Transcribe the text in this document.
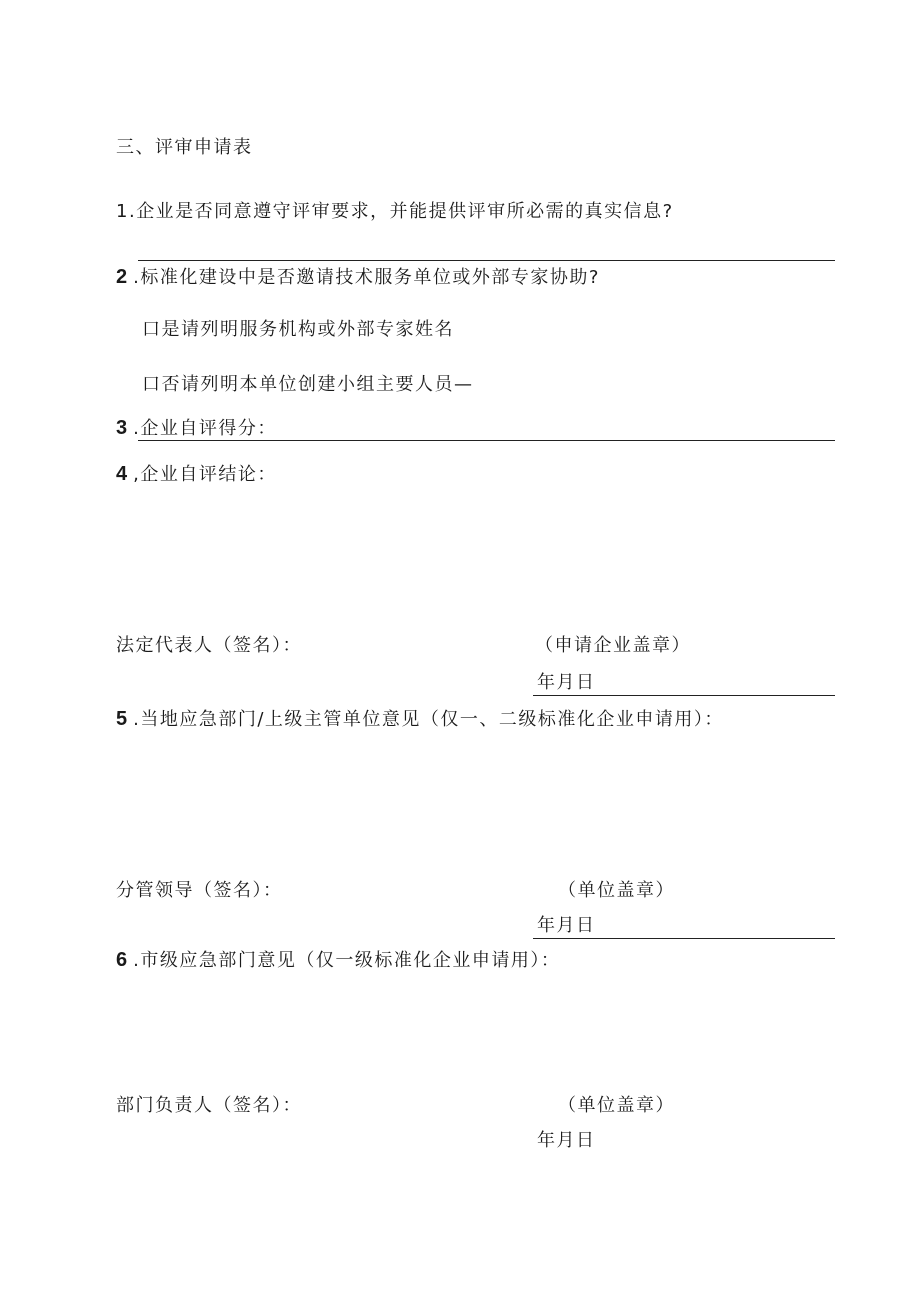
三、评审申请表
1.企业是否同意遵守评审要求，并能提供评审所必需的真实信息?
2 .标准化建设中是否邀请技术服务单位或外部专家协助?
口是请列明服务机构或外部专家姓名
口否请列明本单位创建小组主要人员—
3 .企业自评得分：
4 ,企业自评结论：
法定代表人（签名）：	（申请企业盖章）
年月日
5 .当地应急部门/上级主管单位意见（仅一、二级标准化企业申请用）：
分管领导（签名）：	（单位盖章）
年月日
6 .市级应急部门意见（仅一级标准化企业申请用）：
部门负责人（签名）：	（单位盖章）
年月日
